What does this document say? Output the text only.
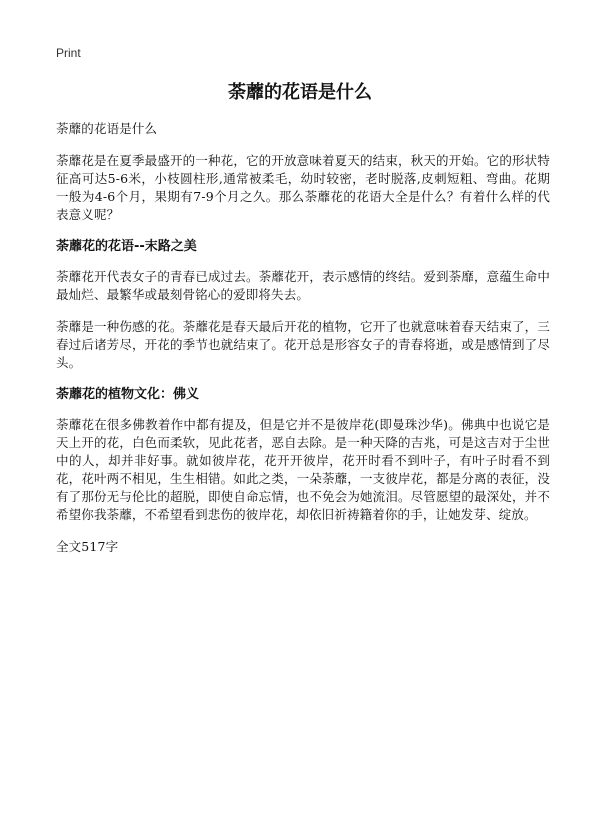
Print
荼蘼的花语是什么

荼蘼的花语是什么

荼蘼花是在夏季最盛开的一种花，它的开放意味着夏天的结束，秋天的开始。它的形状特征高可达5-6米，小枝圆柱形,通常被柔毛，幼时较密，老时脱落,皮刺短粗、弯曲。花期一般为4-6个月，果期有7-9个月之久。那么荼蘼花的花语大全是什么？有着什么样的代表意义呢？

荼蘼花的花语--末路之美

荼蘼花开代表女子的青春已成过去。荼蘼花开，表示感情的终结。爱到荼靡，意蕴生命中最灿烂、最繁华或最刻骨铭心的爱即将失去。

荼蘼是一种伤感的花。荼蘼花是春天最后开花的植物，它开了也就意味着春天结束了，三春过后诸芳尽，开花的季节也就结束了。花开总是形容女子的青春将逝，或是感情到了尽头。

荼蘼花的植物文化：佛义

荼蘼花在很多佛教着作中都有提及，但是它并不是彼岸花(即曼珠沙华)。佛典中也说它是天上开的花，白色而柔软，见此花者，恶自去除。是一种天降的吉兆，可是这吉对于尘世中的人，却并非好事。就如彼岸花，花开开彼岸，花开时看不到叶子，有叶子时看不到花，花叶两不相见，生生相错。如此之类，一朵荼蘼，一支彼岸花，都是分离的表征，没有了那份无与伦比的超脱，即使自命忘情，也不免会为她流泪。尽管愿望的最深处，并不希望你我荼蘼，不希望看到悲伤的彼岸花，却依旧祈祷籍着你的手，让她发芽、绽放。

全文517字
